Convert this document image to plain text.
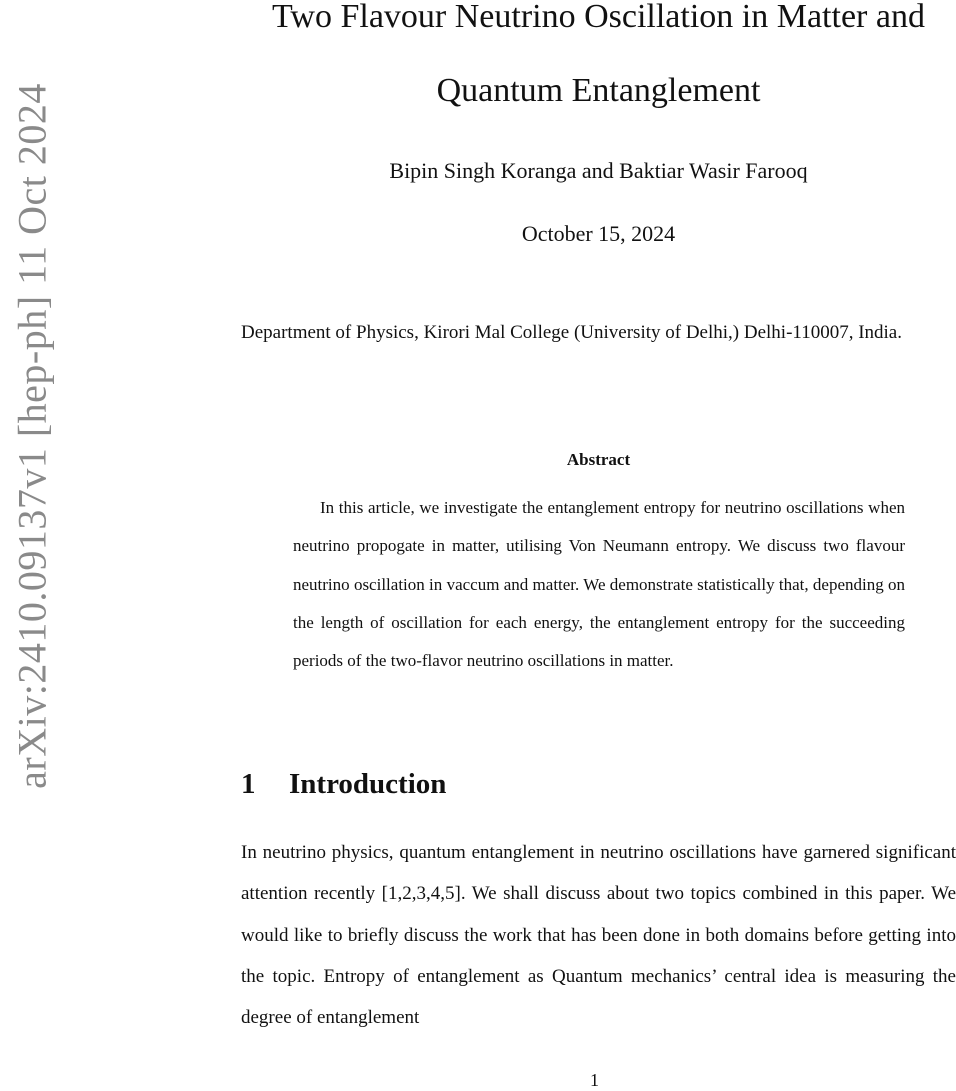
arXiv:2410.09137v1 [hep-ph] 11 Oct 2024
Two Flavour Neutrino Oscillation in Matter and Quantum Entanglement
Bipin Singh Koranga and Baktiar Wasir Farooq
October 15, 2024
Department of Physics, Kirori Mal College (University of Delhi,) Delhi-110007, India.
Abstract
In this article, we investigate the entanglement entropy for neutrino oscillations when neutrino propogate in matter, utilising Von Neumann entropy. We discuss two flavour neutrino oscillation in vaccum and matter. We demonstrate statistically that, depending on the length of oscillation for each energy, the entanglement entropy for the succeeding periods of the two-flavor neutrino oscillations in matter.
1 Introduction
In neutrino physics, quantum entanglement in neutrino oscillations have garnered significant attention recently [1,2,3,4,5]. We shall discuss about two topics combined in this paper. We would like to briefly discuss the work that has been done in both domains before getting into the topic. Entropy of entanglement as Quantum mechanics’ central idea is measuring the degree of entanglement
1
